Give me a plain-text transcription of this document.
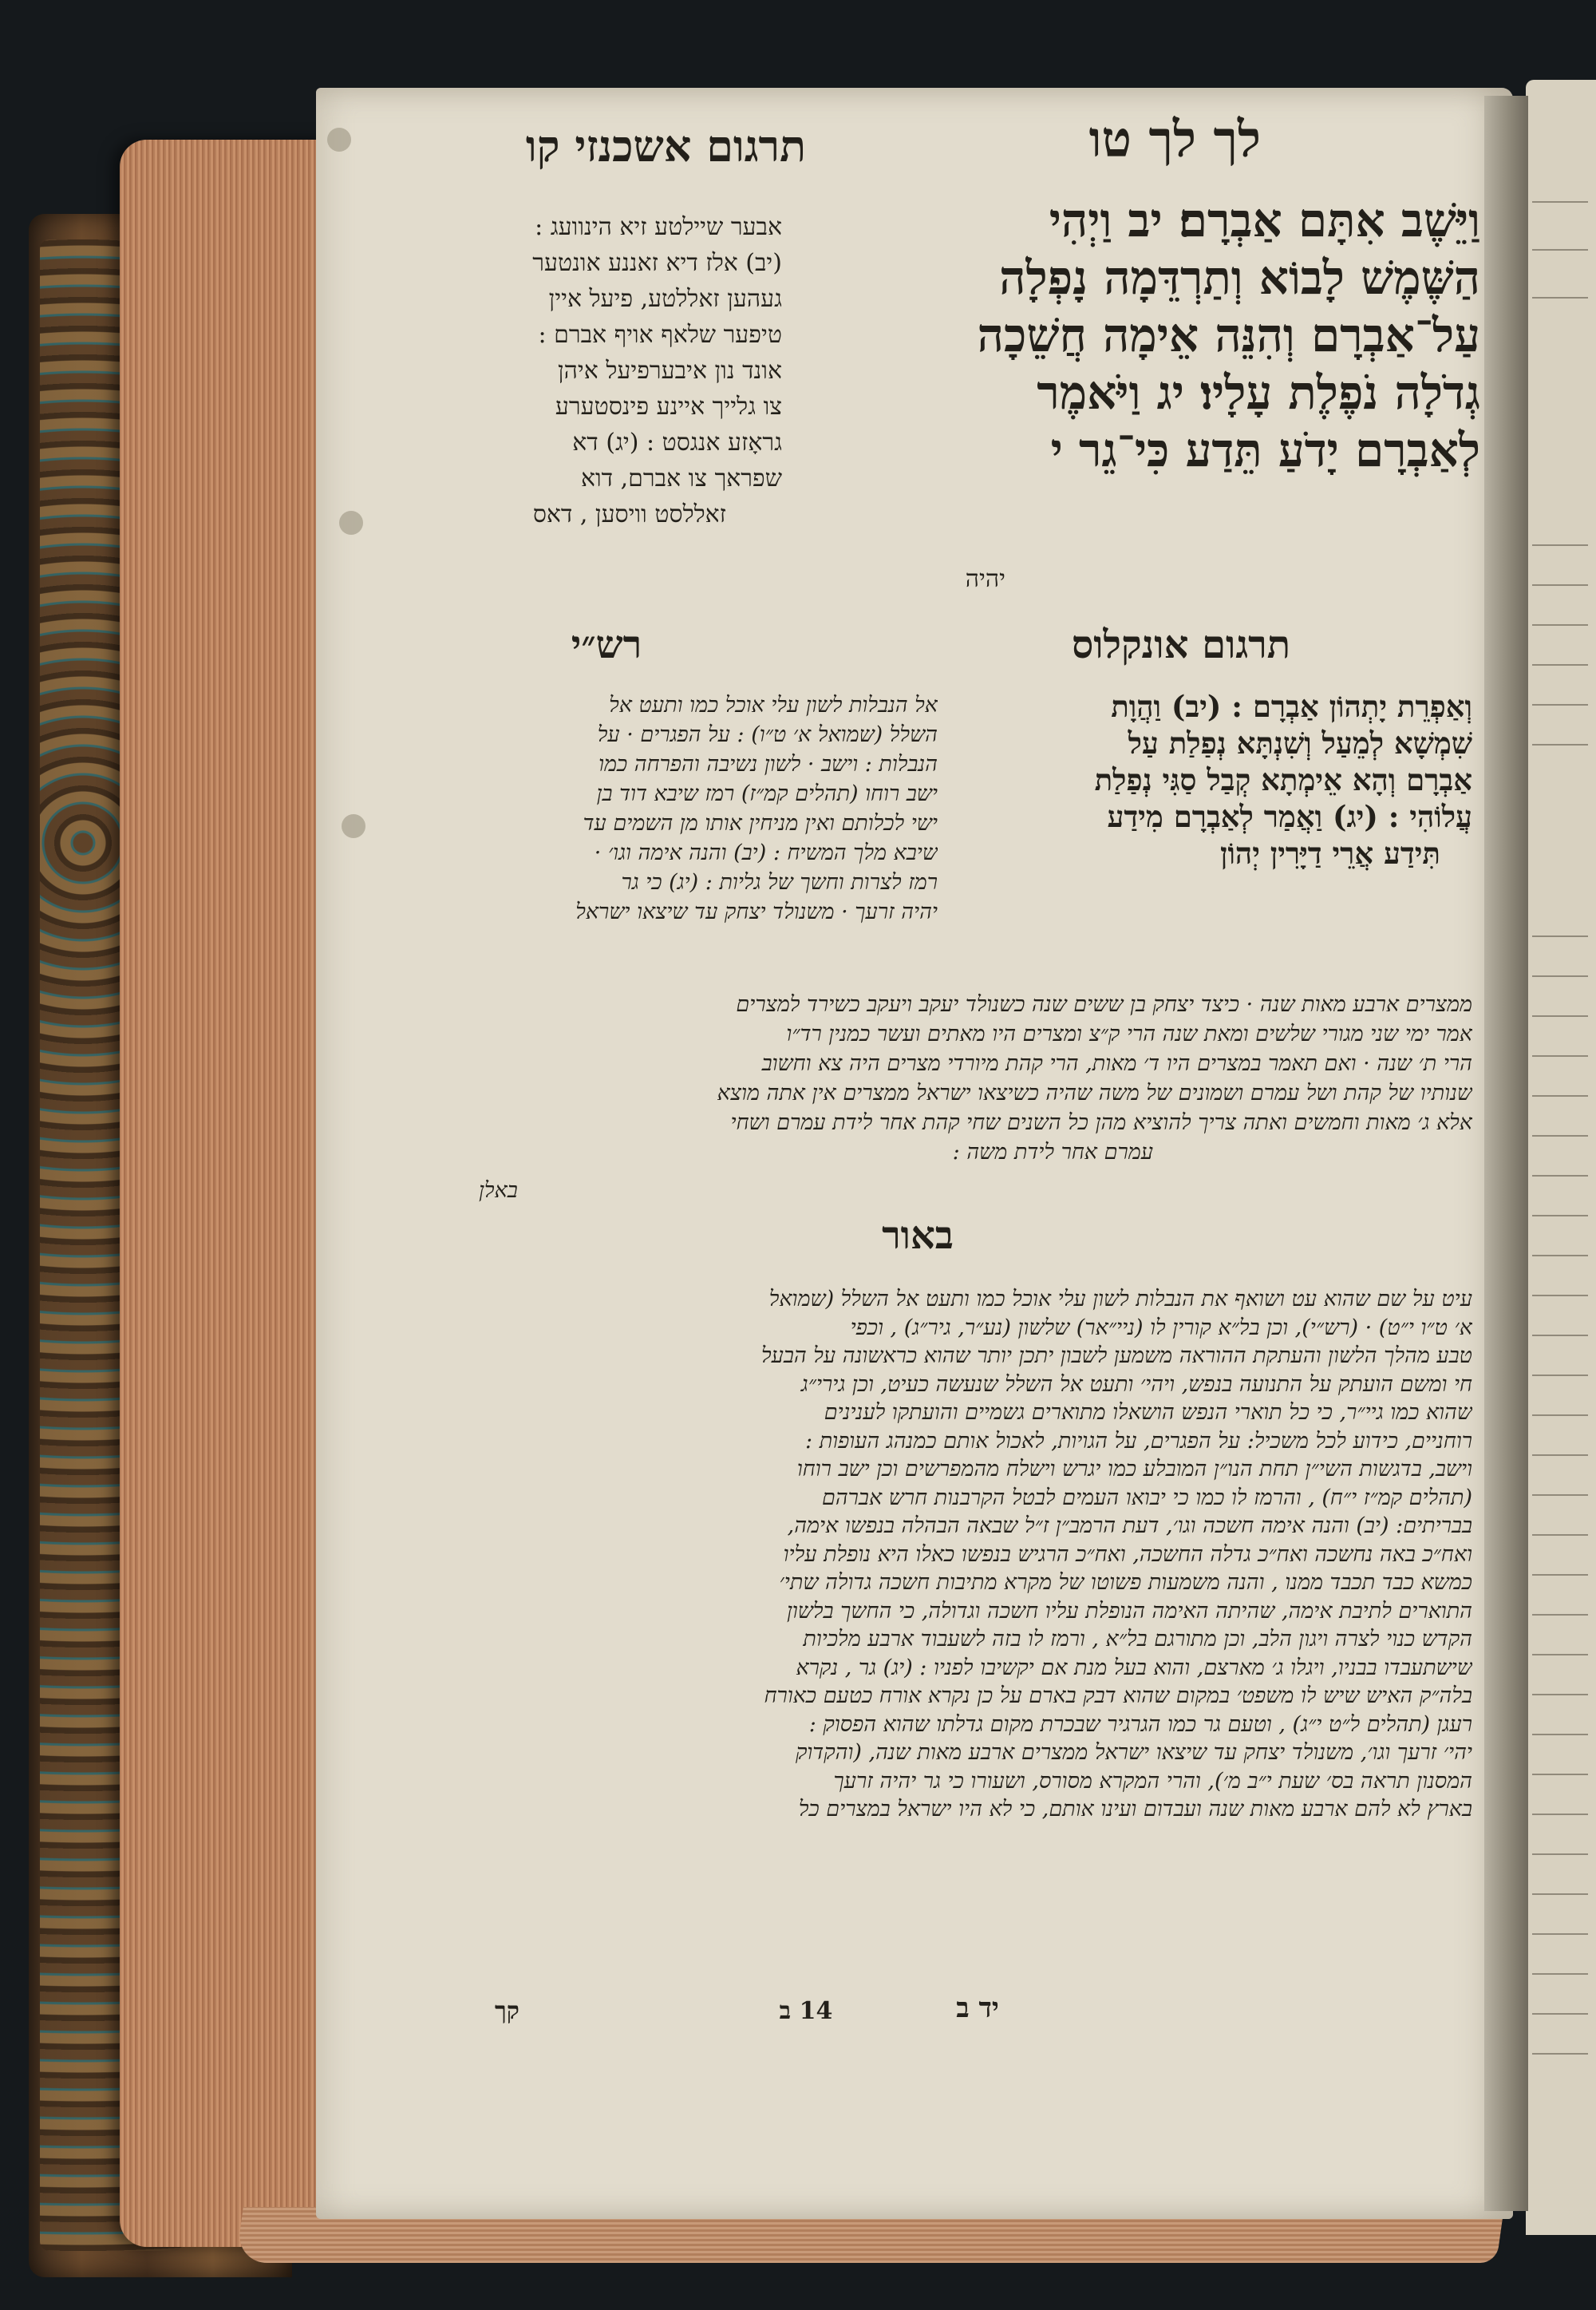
לך לך טו
תרגום אשכנזי קו
וַיֵּשֶׁב אִתָּם אַבְרָם׃ יב וַיְהִי
הַשֶּׁמֶשׁ לָבוֹא וְתַרְדֵּמָה נָפְלָה
עַל־אַבְרָם וְהִנֵּה אֵימָה חֲשֵׁכָה
גְדֹלָה נֹפֶלֶת עָלָיו׃ יג וַיֹּאמֶר
לְאַבְרָם יָדֹעַ תֵּדַע כִּי־גֵר י
יהיה
אבער שיילטע זיא הינוועג :
(יב) אלז דיא זאננע אונטער
געהען זאללטע, פיעל איין
טיפער שלאף אויף אברם :
אונד נון איבערפיעל איהן
צו גלייך איינע פינסטערע
גראָזע אנגסט : (יג) דא
שפראך צו אברם, דוא
זאללסט וויסען , דאס
תרגום אונקלוס
רש״י
וְאַפְרֵת יָתְהוֹן אַבְרָם : (יב) וַהֲוָת
שִׁמְשָׁא לְמֵעַל וְשִׁנְתָּא נְפַלַת עַל
אַבְרָם וְהָא אֵימְתָא קְבַל סַגִּי נְפַלַת
עֲלוֹהִי : (יג) וַאֲמַר לְאַבְרָם מִידַע
תִּידַע אֲרֵי דַיָּרִין יְהוֹן
אל הנבלות לשון עלי אוכל כמו ותעט אל
השלל (שמואל א׳ ט״ו) : על הפגרים · על
הנבלות : וישב · לשון נשיבה והפרחה כמו
ישב רוחו (תהלים קמ״ז) רמז שיבא דוד בן
ישי לכלותם ואין מניחין אותו מן השמים עד
שיבא מלך המשיח : (יב) והנה אימה וגו׳ ·
רמז לצרות וחשך של גליות : (יג) כי גר
יהיה זרעך · משנולד יצחק עד שיצאו ישראל
ממצרים ארבע מאות שנה · כיצד יצחק בן ששים שנה כשנולד יעקב ויעקב כשירד למצרים
אמר ימי שני מגורי שלשים ומאת שנה הרי ק״צ ומצרים היו מאתים ועשר כמנין רד״ו
הרי ת׳ שנה · ואם תאמר במצרים היו ד׳ מאות, הרי קהת מיורדי מצרים היה צא וחשוב
שנותיו של קהת ושל עמרם ושמונים של משה שהיה כשיצאו ישראל ממצרים אין אתה מוצא
אלא ג׳ מאות וחמשים ואתה צריך להוציא מהן כל השנים שחי קהת אחר לידת עמרם ושחי
עמרם אחר לידת משה :
באלן
באור
עיט על שם שהוא עט ושואף את הנבלות לשון עלי אוכל כמו ותעט אל השלל (שמואל
א׳ ט״ו י״ט) · (רש״י), וכן בל״א קורין לו (ניי״אר) שלשון (נע״ר, גיר״ג) , וכפי
טבע מהלך הלשון והעתקת ההוראה משמען לשבון יתכן יותר שהוא כראשונה על הבעל
חי ומשם הועתק על התנועה בנפש, ויהי׳ ותעט אל השלל שנעשה כעיט, וכן גירי״ג
שהוא כמו גיי״ר, כי כל תוארי הנפש הושאלו מתוארים גשמיים והועתקו לענינים
רוחניים, כידוע לכל משכיל: על הפגרים, על הגויות, לאכול אותם כמנהג העופות :
וישב, בדגשות השי״ן תחת הנו״ן המובלע כמו יגרש וישלח מהמפרשים וכן ישב רוחו
(תהלים קמ״ז י״ח) , והרמז לו כמו כי יבואו העמים לבטל הקרבנות חרש אברהם
בבריתים: (יב) והנה אימה חשכה וגו׳, דעת הרמב״ן ז״ל שבאה הבהלה בנפשו אימה,
ואח״כ באה נחשכה ואח״כ גדלה החשכה, ואח״כ הרגיש בנפשו כאלו היא נופלת עליו
כמשא כבד תכבד ממנו , והנה משמעות פשוטו של מקרא מתיבות חשכה גדולה שתי׳
התוארים לתיבת אימה, שהיתה האימה הנופלת עליו חשכה וגדולה, כי החשך בלשון
הקדש כנוי לצרה ויגון הלב, וכן מתורגם בל״א , ורמז לו בזה לשעבוד ארבע מלכיות
שישתעבדו בבניו, ויגלו ג׳ מארצם, והוא בעל מנת אם יקשיבו לפניו : (יג) גר , נקרא
בלה״ק האיש שיש לו משפט׳ במקום שהוא דבק בארם על כן נקרא אורח כטעם כאורח
רעגן (תהלים ל״ט י״ג) , וטעם גר כמו הגרגיר שבכרת מקום גדלתו שהוא הפסוק :
יהי׳ זרעך וגו׳, משנולד יצחק עד שיצאו ישראל ממצרים ארבע מאות שנה, (והקדוק
המסנון תראה בס׳ שעת י״ב מ׳), והרי המקרא מסורס, ושעורו כי גר יהיה זרעך
בארץ לא להם ארבע מאות שנה ועבדום ועינו אותם, כי לא היו ישראל במצרים כל
קך	14 ב	יד ב
